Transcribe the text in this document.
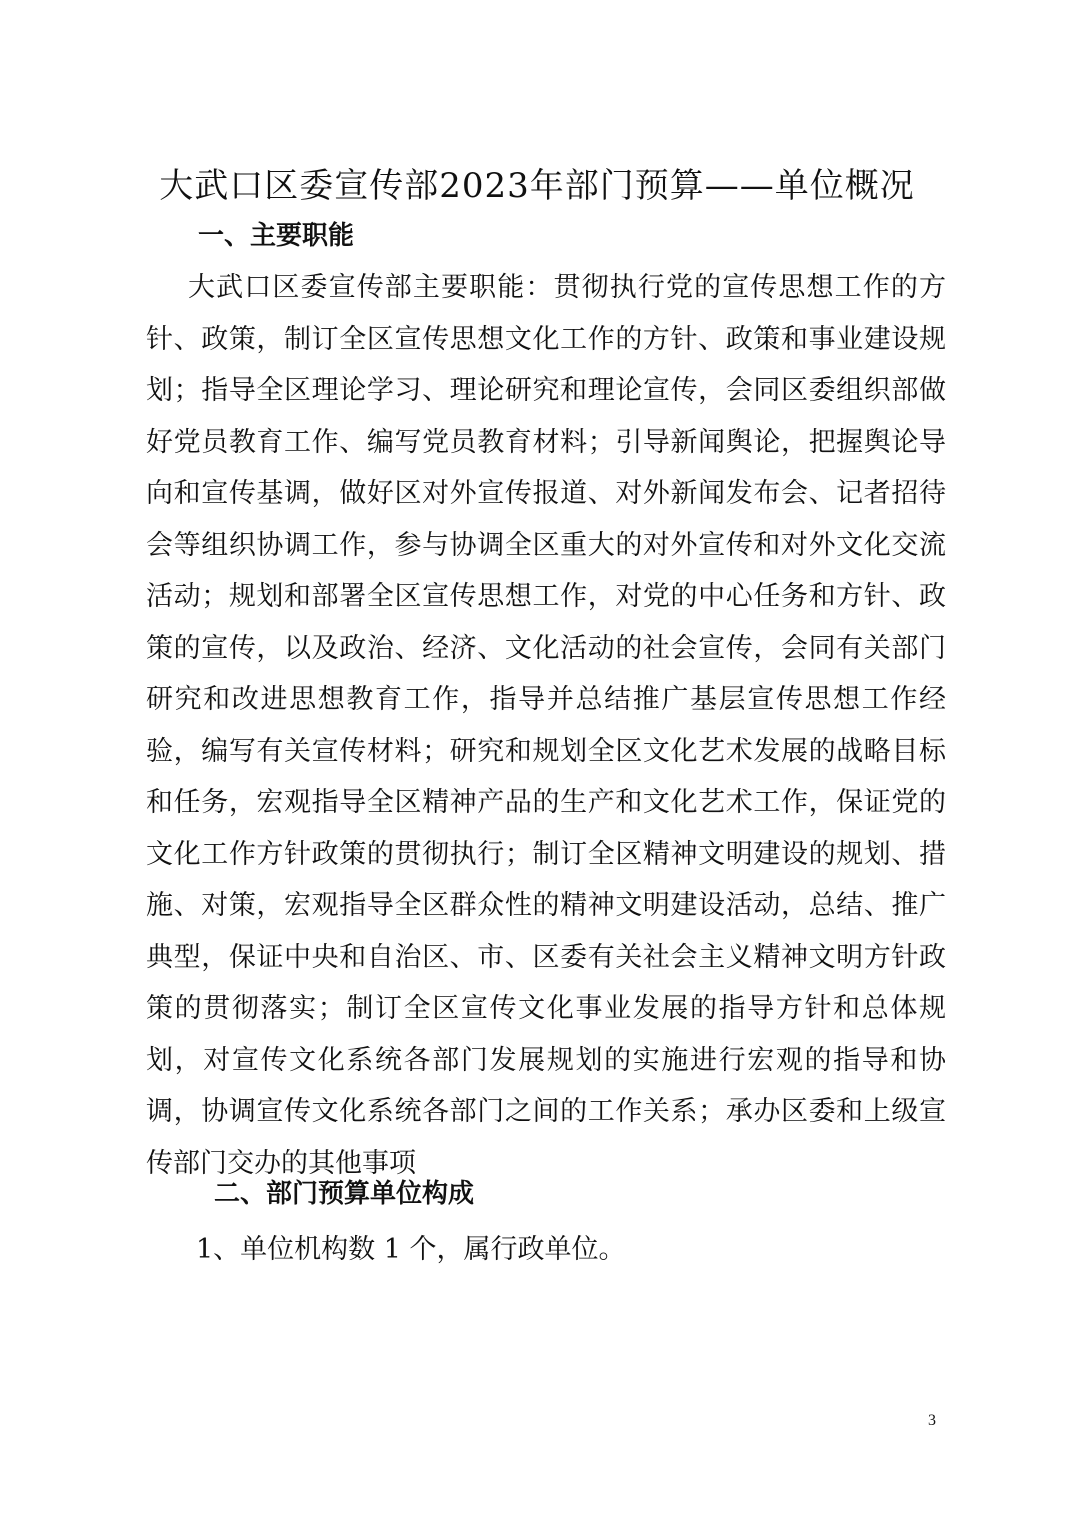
大武口区委宣传部2023年部门预算——单位概况
一、主要职能

大武口区委宣传部主要职能：贯彻执行党的宣传思想工作的方针、政策，制订全区宣传思想文化工作的方针、政策和事业建设规划；指导全区理论学习、理论研究和理论宣传，会同区委组织部做好党员教育工作、编写党员教育材料；引导新闻舆论，把握舆论导向和宣传基调，做好区对外宣传报道、对外新闻发布会、记者招待会等组织协调工作，参与协调全区重大的对外宣传和对外文化交流活动；规划和部署全区宣传思想工作，对党的中心任务和方针、政策的宣传，以及政治、经济、文化活动的社会宣传，会同有关部门研究和改进思想教育工作，指导并总结推广基层宣传思想工作经验，编写有关宣传材料；研究和规划全区文化艺术发展的战略目标和任务，宏观指导全区精神产品的生产和文化艺术工作，保证党的文化工作方针政策的贯彻执行；制订全区精神文明建设的规划、措施、对策，宏观指导全区群众性的精神文明建设活动，总结、推广典型，保证中央和自治区、市、区委有关社会主义精神文明方针政策的贯彻落实；制订全区宣传文化事业发展的指导方针和总体规划，对宣传文化系统各部门发展规划的实施进行宏观的指导和协调，协调宣传文化系统各部门之间的工作关系；承办区委和上级宣传部门交办的其他事项

二、部门预算单位构成
1、单位机构数 1 个，属行政单位。
3
